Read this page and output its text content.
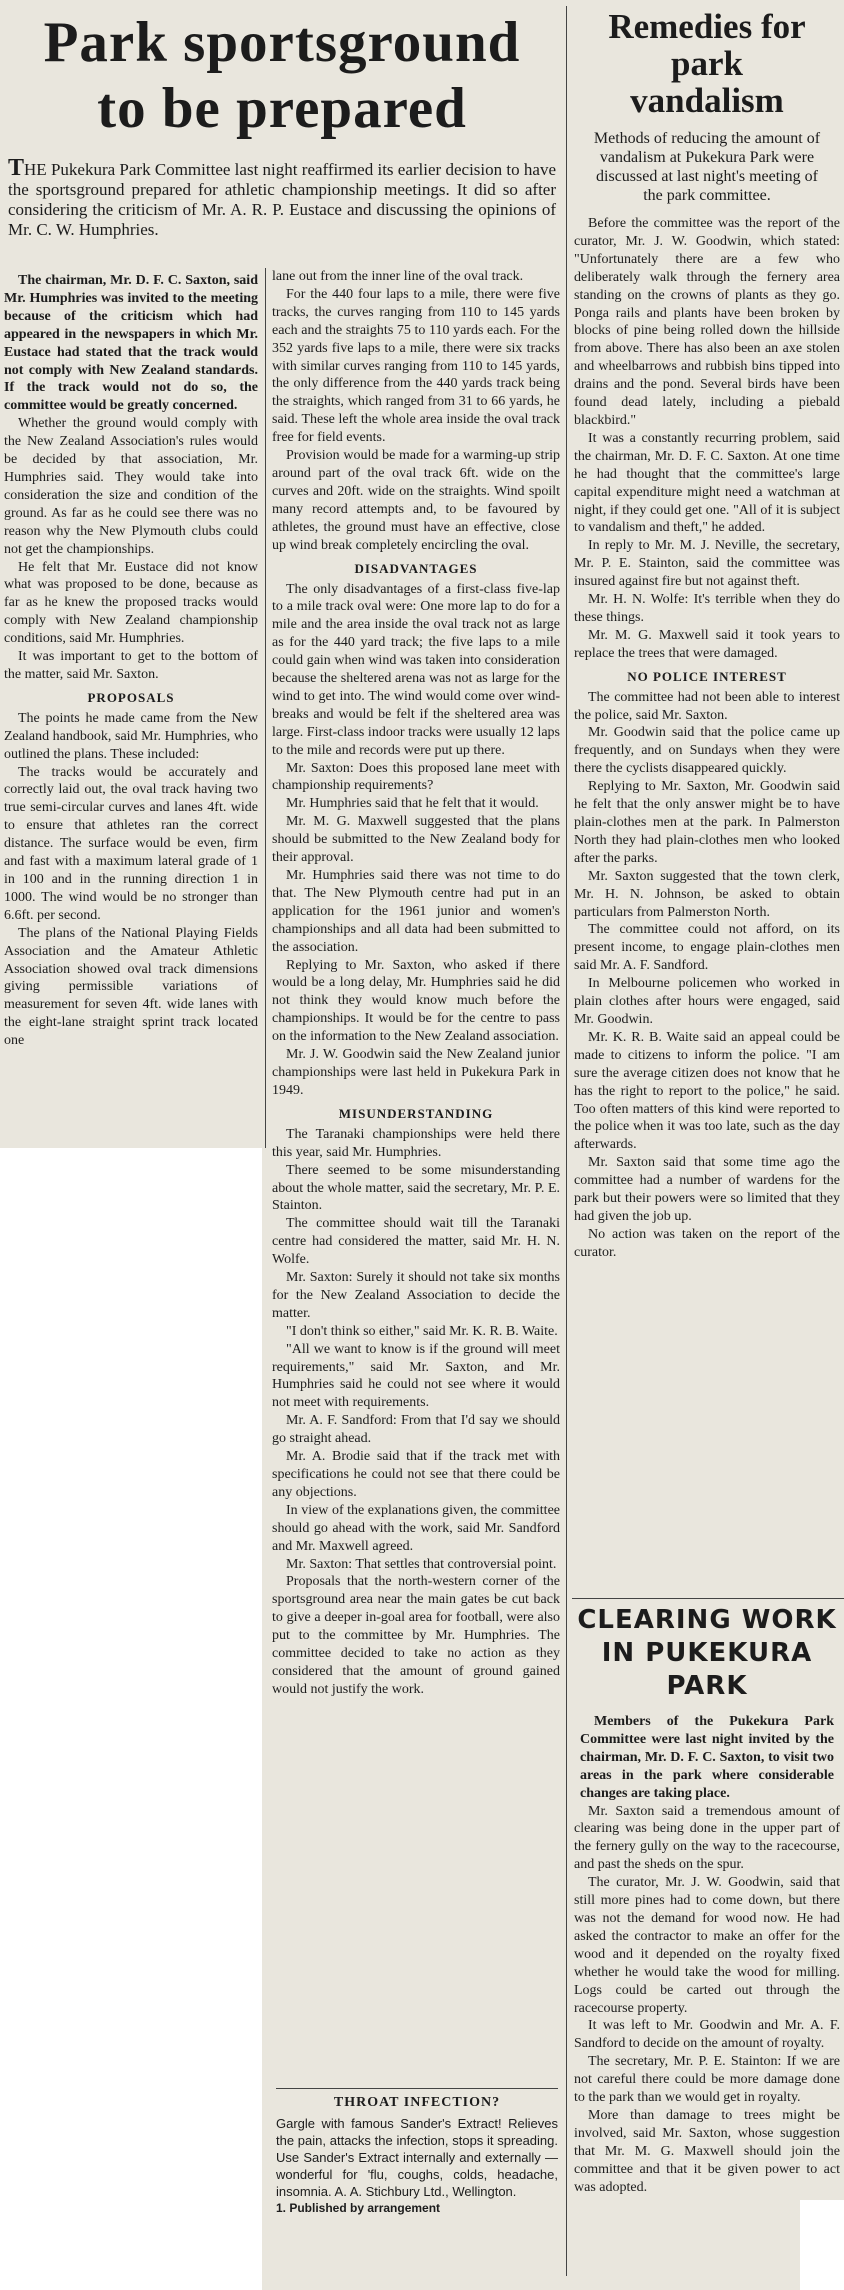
Park sportsground
to be prepared

THE Pukekura Park Committee last night reaffirmed its earlier decision to have the sportsground prepared for athletic championship meetings. It did so after considering the criticism of Mr. A. R. P. Eustace and discussing the opinions of Mr. C. W. Humphries.

The chairman, Mr. D. F. C. Saxton, said Mr. Humphries was invited to the meeting because of the criticism which had appeared in the newspapers in which Mr. Eustace had stated that the track would not comply with New Zealand standards. If the track would not do so, the committee would be greatly concerned.

Whether the ground would comply with the New Zealand Association's rules would be decided by that association, Mr. Humphries said. They would take into consideration the size and condition of the ground. As far as he could see there was no reason why the New Plymouth clubs could not get the championships.

He felt that Mr. Eustace did not know what was proposed to be done, because as far as he knew the proposed tracks would comply with New Zealand championship conditions, said Mr. Humphries.

It was important to get to the bottom of the matter, said Mr. Saxton.

PROPOSALS

The points he made came from the New Zealand handbook, said Mr. Humphries, who outlined the plans. These included:

The tracks would be accurately and correctly laid out, the oval track having two true semi-circular curves and lanes 4ft. wide to ensure that athletes ran the correct distance. The surface would be even, firm and fast with a maximum lateral grade of 1 in 100 and in the running direction 1 in 1000. The wind would be no stronger than 6.6ft. per second.

The plans of the National Playing Fields Association and the Amateur Athletic Association showed oval track dimensions giving permissible variations of measurement for seven 4ft. wide lanes with the eight-lane straight sprint track located one

lane out from the inner line of the oval track.

For the 440 four laps to a mile, there were five tracks, the curves ranging from 110 to 145 yards each and the straights 75 to 110 yards each. For the 352 yards five laps to a mile, there were six tracks with similar curves ranging from 110 to 145 yards, the only difference from the 440 yards track being the straights, which ranged from 31 to 66 yards, he said. These left the whole area inside the oval track free for field events.

Provision would be made for a warming-up strip around part of the oval track 6ft. wide on the curves and 20ft. wide on the straights. Wind spoilt many record attempts and, to be favoured by athletes, the ground must have an effective, close up wind break completely encircling the oval.

DISADVANTAGES

The only disadvantages of a first-class five-lap to a mile track oval were: One more lap to do for a mile and the area inside the oval track not as large as for the 440 yard track; the five laps to a mile could gain when wind was taken into consideration because the sheltered arena was not as large for the wind to get into. The wind would come over wind-breaks and would be felt if the sheltered area was large. First-class indoor tracks were usually 12 laps to the mile and records were put up there.

Mr. Saxton: Does this proposed lane meet with championship requirements?

Mr. Humphries said that he felt that it would.

Mr. M. G. Maxwell suggested that the plans should be submitted to the New Zealand body for their approval.

Mr. Humphries said there was not time to do that. The New Plymouth centre had put in an application for the 1961 junior and women's championships and all data had been submitted to the association.

Replying to Mr. Saxton, who asked if there would be a long delay, Mr. Humphries said he did not think they would know much before the championships. It would be for the centre to pass on the information to the New Zealand association.

Mr. J. W. Goodwin said the New Zealand junior championships were last held in Pukekura Park in 1949.

MISUNDERSTANDING

The Taranaki championships were held there this year, said Mr. Humphries.

There seemed to be some misunderstanding about the whole matter, said the secretary, Mr. P. E. Stainton.

The committee should wait till the Taranaki centre had considered the matter, said Mr. H. N. Wolfe.

Mr. Saxton: Surely it should not take six months for the New Zealand Association to decide the matter.

"I don't think so either," said Mr. K. R. B. Waite.

"All we want to know is if the ground will meet requirements," said Mr. Saxton, and Mr. Humphries said he could not see where it would not meet with requirements.

Mr. A. F. Sandford: From that I'd say we should go straight ahead.

Mr. A. Brodie said that if the track met with specifications he could not see that there could be any objections.

In view of the explanations given, the committee should go ahead with the work, said Mr. Sandford and Mr. Maxwell agreed.

Mr. Saxton: That settles that controversial point.

Proposals that the north-western corner of the sportsground area near the main gates be cut back to give a deeper in-goal area for football, were also put to the committee by Mr. Humphries. The committee decided to take no action as they considered that the amount of ground gained would not justify the work.

THROAT INFECTION?

Gargle with famous Sander's Extract! Relieves the pain, attacks the infection, stops it spreading. Use Sander's Extract internally and externally — wonderful for 'flu, coughs, colds, headache, insomnia. A. A. Stichbury Ltd., Wellington.

1. Published by arrangement

Remedies for
park
vandalism

Methods of reducing the amount of vandalism at Pukekura Park were discussed at last night's meeting of the park committee.

Before the committee was the report of the curator, Mr. J. W. Goodwin, which stated: "Unfortunately there are a few who deliberately walk through the fernery area standing on the crowns of plants as they go. Ponga rails and plants have been broken by blocks of pine being rolled down the hillside from above. There has also been an axe stolen and wheelbarrows and rubbish bins tipped into drains and the pond. Several birds have been found dead lately, including a piebald blackbird."

It was a constantly recurring problem, said the chairman, Mr. D. F. C. Saxton. At one time he had thought that the committee's large capital expenditure might need a watchman at night, if they could get one. "All of it is subject to vandalism and theft," he added.

In reply to Mr. M. J. Neville, the secretary, Mr. P. E. Stainton, said the committee was insured against fire but not against theft.

Mr. H. N. Wolfe: It's terrible when they do these things.

Mr. M. G. Maxwell said it took years to replace the trees that were damaged.

NO POLICE INTEREST

The committee had not been able to interest the police, said Mr. Saxton.

Mr. Goodwin said that the police came up frequently, and on Sundays when they were there the cyclists disappeared quickly.

Replying to Mr. Saxton, Mr. Goodwin said he felt that the only answer might be to have plain-clothes men at the park. In Palmerston North they had plain-clothes men who looked after the parks.

Mr. Saxton suggested that the town clerk, Mr. H. N. Johnson, be asked to obtain particulars from Palmerston North.

The committee could not afford, on its present income, to engage plain-clothes men said Mr. A. F. Sandford.

In Melbourne policemen who worked in plain clothes after hours were engaged, said Mr. Goodwin.

Mr. K. R. B. Waite said an appeal could be made to citizens to inform the police. "I am sure the average citizen does not know that he has the right to report to the police," he said. Too often matters of this kind were reported to the police when it was too late, such as the day afterwards.

Mr. Saxton said that some time ago the committee had a number of wardens for the park but their powers were so limited that they had given the job up.

No action was taken on the report of the curator.

CLEARING WORK
IN PUKEKURA
PARK

Members of the Pukekura Park Committee were last night invited by the chairman, Mr. D. F. C. Saxton, to visit two areas in the park where considerable changes are taking place.

Mr. Saxton said a tremendous amount of clearing was being done in the upper part of the fernery gully on the way to the racecourse, and past the sheds on the spur.

The curator, Mr. J. W. Goodwin, said that still more pines had to come down, but there was not the demand for wood now. He had asked the contractor to make an offer for the wood and it depended on the royalty fixed whether he would take the wood for milling. Logs could be carted out through the racecourse property.

It was left to Mr. Goodwin and Mr. A. F. Sandford to decide on the amount of royalty.

The secretary, Mr. P. E. Stainton: If we are not careful there could be more damage done to the park than we would get in royalty.

More than damage to trees might be involved, said Mr. Saxton, whose suggestion that Mr. M. G. Maxwell should join the committee and that it be given power to act was adopted.
